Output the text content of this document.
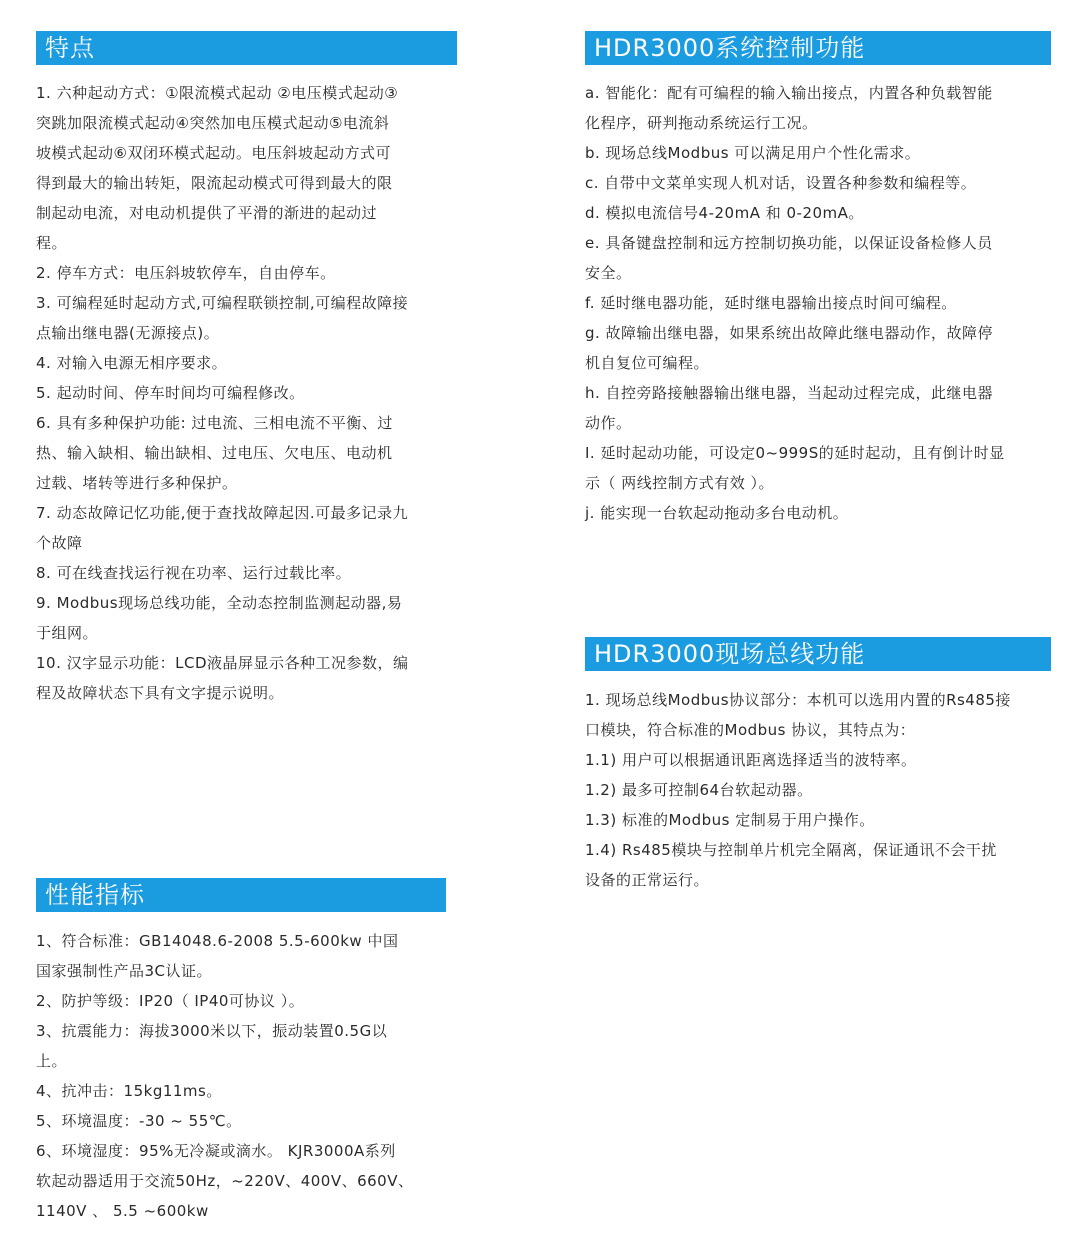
特点
1. 六种起动方式：①限流模式起动 ②电压模式起动③
突跳加限流模式起动④突然加电压模式起动⑤电流斜
坡模式起动⑥双闭环模式起动。电压斜坡起动方式可
得到最大的输出转矩，限流起动模式可得到最大的限
制起动电流，对电动机提供了平滑的渐进的起动过
程。
2. 停车方式：电压斜坡软停车，自由停车。
3. 可编程延时起动方式,可编程联锁控制,可编程故障接
点输出继电器(无源接点)。
4. 对输入电源无相序要求。
5. 起动时间、停车时间均可编程修改。
6. 具有多种保护功能: 过电流、三相电流不平衡、过
热、输入缺相、输出缺相、过电压、欠电压、电动机
过载、堵转等进行多种保护。
7. 动态故障记忆功能,便于查找故障起因.可最多记录九
个故障
8. 可在线查找运行视在功率、运行过载比率。
9. Modbus现场总线功能，全动态控制监测起动器,易
于组网。
10. 汉字显示功能：LCD液晶屏显示各种工况参数，编
程及故障状态下具有文字提示说明。
HDR3000系统控制功能
a. 智能化：配有可编程的输入输出接点，内置各种负载智能
化程序，研判拖动系统运行工况。
b. 现场总线Modbus 可以满足用户个性化需求。
c. 自带中文菜单实现人机对话，设置各种参数和编程等。
d. 模拟电流信号4-20mA 和 0-20mA。
e. 具备键盘控制和远方控制切换功能，以保证设备检修人员
安全。
f. 延时继电器功能，延时继电器输出接点时间可编程。
g. 故障输出继电器，如果系统出故障此继电器动作，故障停
机自复位可编程。
h. 自控旁路接触器输出继电器，当起动过程完成，此继电器
动作。
I. 延时起动功能，可设定0~999S的延时起动，且有倒计时显
示（ 两线控制方式有效 ）。
j. 能实现一台软起动拖动多台电动机。
HDR3000现场总线功能
1. 现场总线Modbus协议部分：本机可以选用内置的Rs485接
口模块，符合标准的Modbus 协议，其特点为：
1.1) 用户可以根据通讯距离选择适当的波特率。
1.2) 最多可控制64台软起动器。
1.3) 标准的Modbus 定制易于用户操作。
1.4) Rs485模块与控制单片机完全隔离，保证通讯不会干扰
设备的正常运行。
性能指标
1、符合标准：GB14048.6-2008 5.5-600kw 中国
国家强制性产品3C认证。
2、防护等级：IP20（ IP40可协议 ）。
3、抗震能力：海拔3000米以下，振动装置0.5G以
上。
4、抗冲击：15kg11ms。
5、环境温度：-30 ~ 55℃。
6、环境湿度：95%无冷凝或滴水。 KJR3000A系列
软起动器适用于交流50Hz，~220V、400V、660V、
1140V 、 5.5 ~600kw
